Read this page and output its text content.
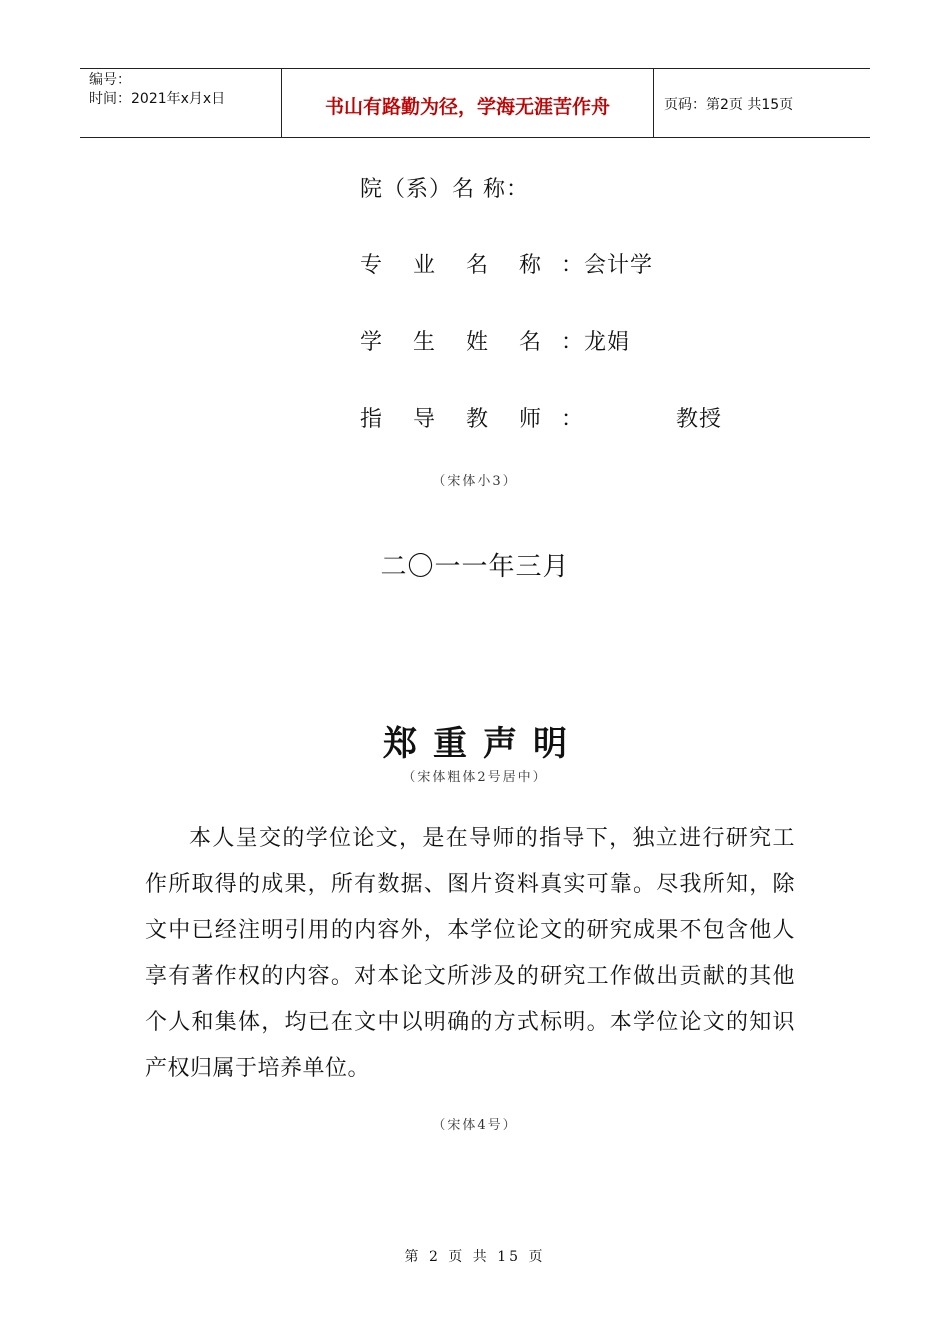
编号：
时间：2021年x月x日	书山有路勤为径，学海无涯苦作舟	页码：第2页 共15页
院（系）名 称：
专 业 名 称 ：会计学
学 生 姓 名 ：龙娟
指 导 教 师 ：	教授
（宋体小3）
二〇一一年三月
郑重声明
（宋体粗体2号居中）
本人呈交的学位论文，是在导师的指导下，独立进行研究工作所取得的成果，所有数据、图片资料真实可靠。尽我所知，除文中已经注明引用的内容外，本学位论文的研究成果不包含他人享有著作权的内容。对本论文所涉及的研究工作做出贡献的其他个人和集体，均已在文中以明确的方式标明。本学位论文的知识产权归属于培养单位。
（宋体4号）
第 2 页 共 15 页
